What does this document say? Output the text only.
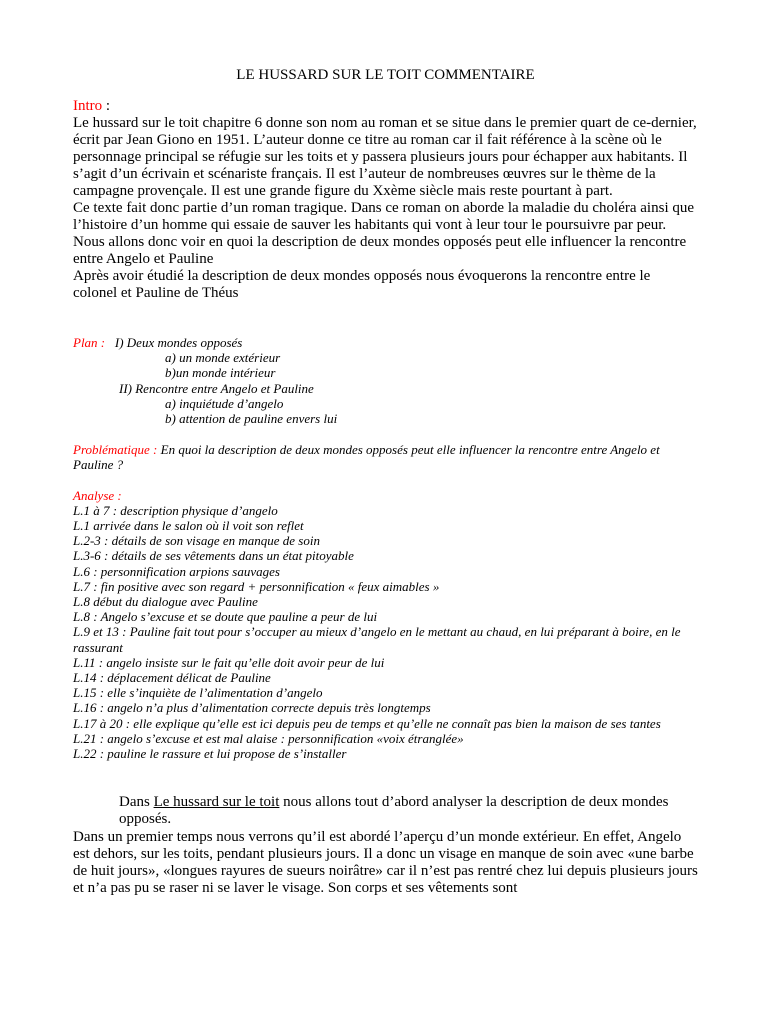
LE HUSSARD SUR LE TOIT COMMENTAIRE

Intro :

Le hussard sur le toit chapitre 6 donne son nom au roman et se situe dans le premier quart de ce-dernier, écrit par Jean Giono en 1951. L’auteur donne ce titre au roman car il fait référence à la scène où le personnage principal se réfugie sur les toits et y passera plusieurs jours pour échapper aux habitants. Il s’agit d’un écrivain et scénariste français. Il est l’auteur de nombreuses œuvres sur le thème de la campagne provençale. Il est une grande figure du Xxème siècle mais reste pourtant à part.

Ce texte fait donc partie d’un roman tragique. Dans ce roman on aborde la maladie du choléra ainsi que l’histoire d’un homme qui essaie de sauver les habitants qui vont à leur tour le poursuivre par peur.

Nous allons donc voir en quoi la description de deux mondes opposés peut elle influencer la rencontre entre Angelo et Pauline

Après avoir étudié la description de deux mondes opposés nous évoquerons la rencontre entre le colonel et Pauline de Théus

Plan : I) Deux mondes opposés
a) un monde extérieur
b)un monde intérieur
II) Rencontre entre Angelo et Pauline
a) inquiétude d’angelo
b) attention de pauline envers lui
Problématique : En quoi la description de deux mondes opposés peut elle influencer la rencontre entre Angelo et Pauline ?
Analyse :
L.1 à 7 : description physique d’angelo
L.1 arrivée dans le salon où il voit son reflet
L.2-3 : détails de son visage en manque de soin
L.3-6 : détails de ses vêtements dans un état pitoyable
L.6 : personnification arpions sauvages
L.7 : fin positive avec son regard + personnification « feux aimables »
L.8 début du dialogue avec Pauline
L.8 : Angelo s’excuse et se doute que pauline a peur de lui
L.9 et 13 : Pauline fait tout pour s’occuper au mieux d’angelo en le mettant au chaud, en lui préparant à boire, en le rassurant
L.11 : angelo insiste sur le fait qu’elle doit avoir peur de lui
L.14 : déplacement délicat de Pauline
L.15 : elle s’inquiète de l’alimentation d’angelo
L.16 : angelo n’a plus d’alimentation correcte depuis très longtemps
L.17 à 20 : elle explique qu’elle est ici depuis peu de temps et qu’elle ne connaît pas bien la maison de ses tantes
L.21 : angelo s’excuse et est mal alaise : personnification «voix étranglée»
L.22 : pauline le rassure et lui propose de s’installer

Dans Le hussard sur le toit nous allons tout d’abord analyser la description de deux mondes opposés.

Dans un premier temps nous verrons qu’il est abordé l’aperçu d’un monde extérieur. En effet, Angelo est dehors, sur les toits, pendant plusieurs jours. Il a donc un visage en manque de soin avec «une barbe de huit jours», «longues rayures de sueurs noirâtre» car il n’est pas rentré chez lui depuis plusieurs jours et n’a pas pu se raser ni se laver le visage. Son corps et ses vêtements sont
